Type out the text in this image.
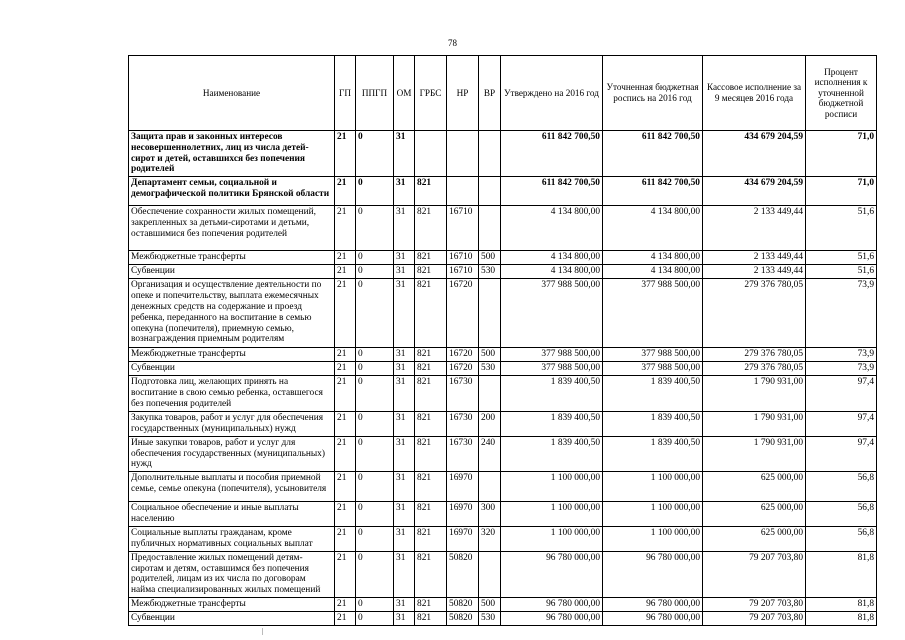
78
Наименование	ГП	ППГП	ОМ	ГРБС	НР	ВР	Утверждено на 2016 год	Уточненная бюджетная роспись на 2016 год	Кассовое исполнение за 9 месяцев 2016 года	Процент исполнения к уточненной бюджетной росписи
Защита прав и законных интересов несовершеннолетних, лиц из числа детей-сирот и детей, оставшихся без попечения родителей	21	0	31				611 842 700,50	611 842 700,50	434 679 204,59	71,0
Департамент семьи, социальной и демографической политики Брянской области	21	0	31	821			611 842 700,50	611 842 700,50	434 679 204,59	71,0
Обеспечение сохранности жилых помещений, закрепленных за детьми-сиротами и детьми, оставшимися без попечения родителей	21	0	31	821	16710		4 134 800,00	4 134 800,00	2 133 449,44	51,6
Межбюджетные трансферты	21	0	31	821	16710	500	4 134 800,00	4 134 800,00	2 133 449,44	51,6
Субвенции	21	0	31	821	16710	530	4 134 800,00	4 134 800,00	2 133 449,44	51,6
Организация и осуществление деятельности по опеке и попечительству, выплата ежемесячных денежных средств на содержание и проезд ребенка, переданного на воспитание в семью опекуна (попечителя), приемную семью, вознаграждения приемным родителям	21	0	31	821	16720		377 988 500,00	377 988 500,00	279 376 780,05	73,9
Межбюджетные трансферты	21	0	31	821	16720	500	377 988 500,00	377 988 500,00	279 376 780,05	73,9
Субвенции	21	0	31	821	16720	530	377 988 500,00	377 988 500,00	279 376 780,05	73,9
Подготовка лиц, желающих принять на воспитание в свою семью ребенка, оставшегося без попечения родителей	21	0	31	821	16730		1 839 400,50	1 839 400,50	1 790 931,00	97,4
Закупка товаров, работ и услуг для обеспечения государственных (муниципальных) нужд	21	0	31	821	16730	200	1 839 400,50	1 839 400,50	1 790 931,00	97,4
Иные закупки товаров, работ и услуг для обеспечения государственных (муниципальных) нужд	21	0	31	821	16730	240	1 839 400,50	1 839 400,50	1 790 931,00	97,4
Дополнительные выплаты и пособия приемной семье, семье опекуна (попечителя), усыновителя	21	0	31	821	16970		1 100 000,00	1 100 000,00	625 000,00	56,8
Социальное обеспечение и иные выплаты населению	21	0	31	821	16970	300	1 100 000,00	1 100 000,00	625 000,00	56,8
Социальные выплаты гражданам, кроме публичных нормативных социальных выплат	21	0	31	821	16970	320	1 100 000,00	1 100 000,00	625 000,00	56,8
Предоставление жилых помещений детям-сиротам и детям, оставшимся без попечения родителей, лицам из их числа по договорам найма специализированных жилых помещений	21	0	31	821	50820		96 780 000,00	96 780 000,00	79 207 703,80	81,8
Межбюджетные трансферты	21	0	31	821	50820	500	96 780 000,00	96 780 000,00	79 207 703,80	81,8
Субвенции	21	0	31	821	50820	530	96 780 000,00	96 780 000,00	79 207 703,80	81,8
